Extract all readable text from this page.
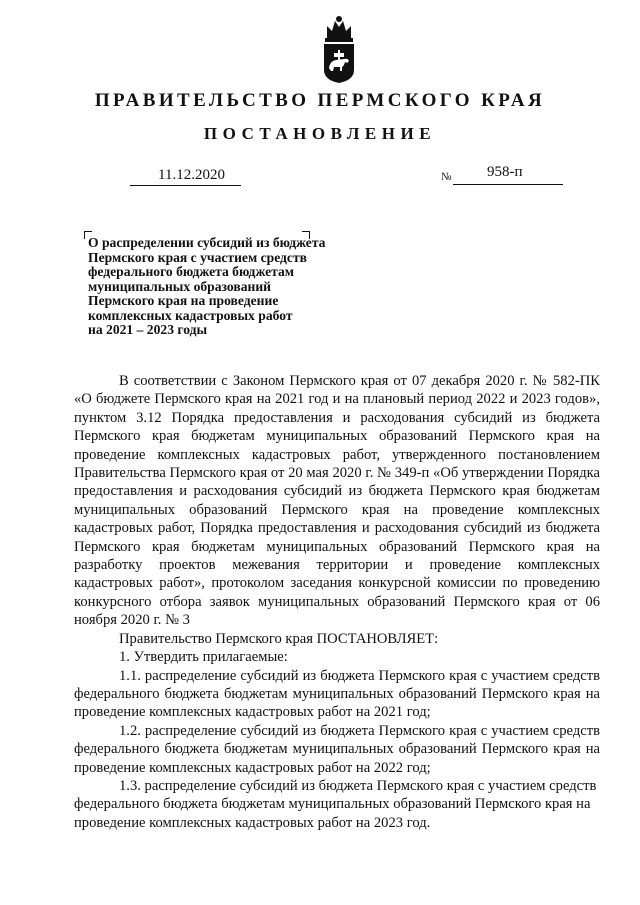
ПРАВИТЕЛЬСТВО ПЕРМСКОГО КРАЯ
ПОСТАНОВЛЕНИЕ
11.12.2020	№ 958-п
О распределении субсидий из бюджета
Пермского края с участием средств
федерального бюджета бюджетам
муниципальных образований
Пермского края на проведение
комплексных кадастровых работ
на 2021 – 2023 годы

В соответствии с Законом Пермского края от 07 декабря 2020 г. № 582-ПК «О бюджете Пермского края на 2021 год и на плановый период 2022 и 2023 годов», пунктом 3.12 Порядка предоставления и расходования субсидий из бюджета Пермского края бюджетам муниципальных образований Пермского края на проведение комплексных кадастровых работ, утвержденного постановлением Правительства Пермского края от 20 мая 2020 г. № 349-п «Об утверждении Порядка предоставления и расходования субсидий из бюджета Пермского края бюджетам муниципальных образований Пермского края на проведение комплексных кадастровых работ, Порядка предоставления и расходования субсидий из бюджета Пермского края бюджетам муниципальных образований Пермского края на разработку проектов межевания территории и проведение комплексных кадастровых работ», протоколом заседания конкурсной комиссии по проведению конкурсного отбора заявок муниципальных образований Пермского края от 06 ноября 2020 г. № 3

Правительство Пермского края ПОСТАНОВЛЯЕТ:

1. Утвердить прилагаемые:

1.1. распределение субсидий из бюджета Пермского края с участием средств федерального бюджета бюджетам муниципальных образований Пермского края на проведение комплексных кадастровых работ на 2021 год;

1.2. распределение субсидий из бюджета Пермского края с участием средств федерального бюджета бюджетам муниципальных образований Пермского края на проведение комплексных кадастровых работ на 2022 год;

1.3. распределение субсидий из бюджета Пермского края с участием средств федерального бюджета бюджетам муниципальных образований Пермского края на проведение комплексных кадастровых работ на 2023 год.
